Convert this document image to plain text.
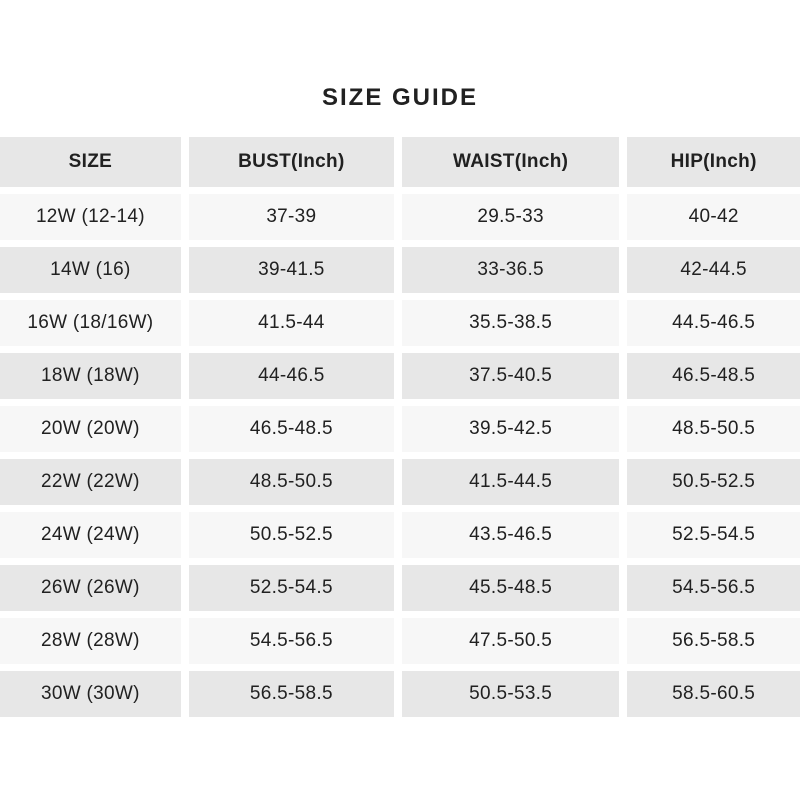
SIZE GUIDE
SIZE	BUST(Inch)	WAIST(Inch)	HIP(Inch)
12W (12-14)	37-39	29.5-33	40-42
14W (16)	39-41.5	33-36.5	42-44.5
16W (18/16W)	41.5-44	35.5-38.5	44.5-46.5
18W (18W)	44-46.5	37.5-40.5	46.5-48.5
20W (20W)	46.5-48.5	39.5-42.5	48.5-50.5
22W (22W)	48.5-50.5	41.5-44.5	50.5-52.5
24W (24W)	50.5-52.5	43.5-46.5	52.5-54.5
26W (26W)	52.5-54.5	45.5-48.5	54.5-56.5
28W (28W)	54.5-56.5	47.5-50.5	56.5-58.5
30W (30W)	56.5-58.5	50.5-53.5	58.5-60.5
